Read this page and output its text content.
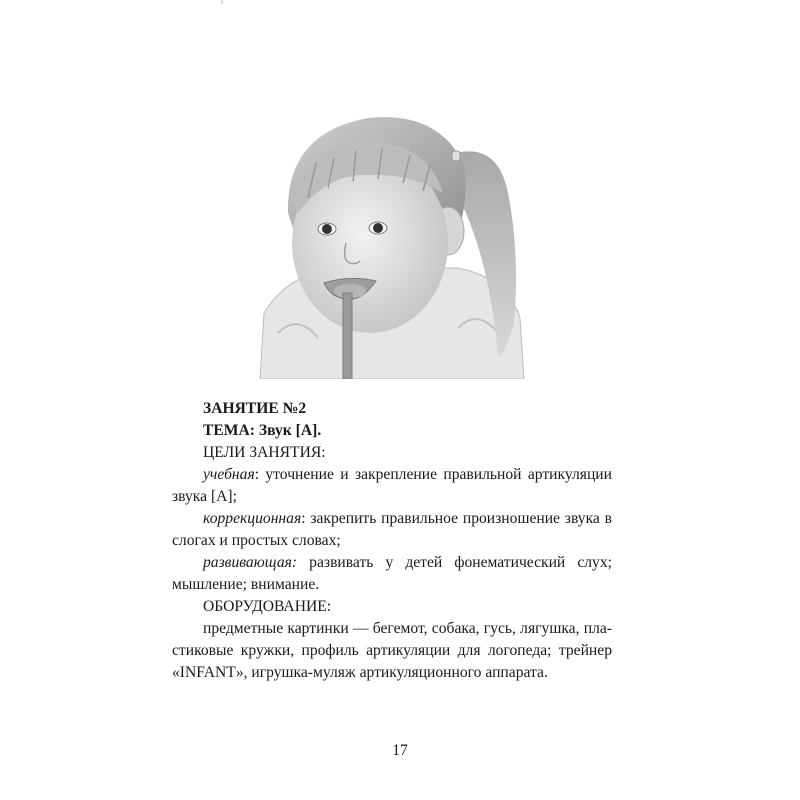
ЗАНЯТИЕ №2

ТЕМА: Звук [А].

ЦЕЛИ ЗАНЯТИЯ:

учебная: уточнение и закрепление правильной артикуляции звука [А];

коррекционная: закрепить правильное произношение звука в слогах и простых словах;

развивающая: развивать у детей фонематический слух; мышление; внимание.

ОБОРУДОВАНИЕ:

предметные картинки — бегемот, собака, гусь, лягушка, пластиковые кружки, профиль артикуляции для логопеда; трейнер «INFANT», игрушка-муляж артикуляционного аппарата.

17
